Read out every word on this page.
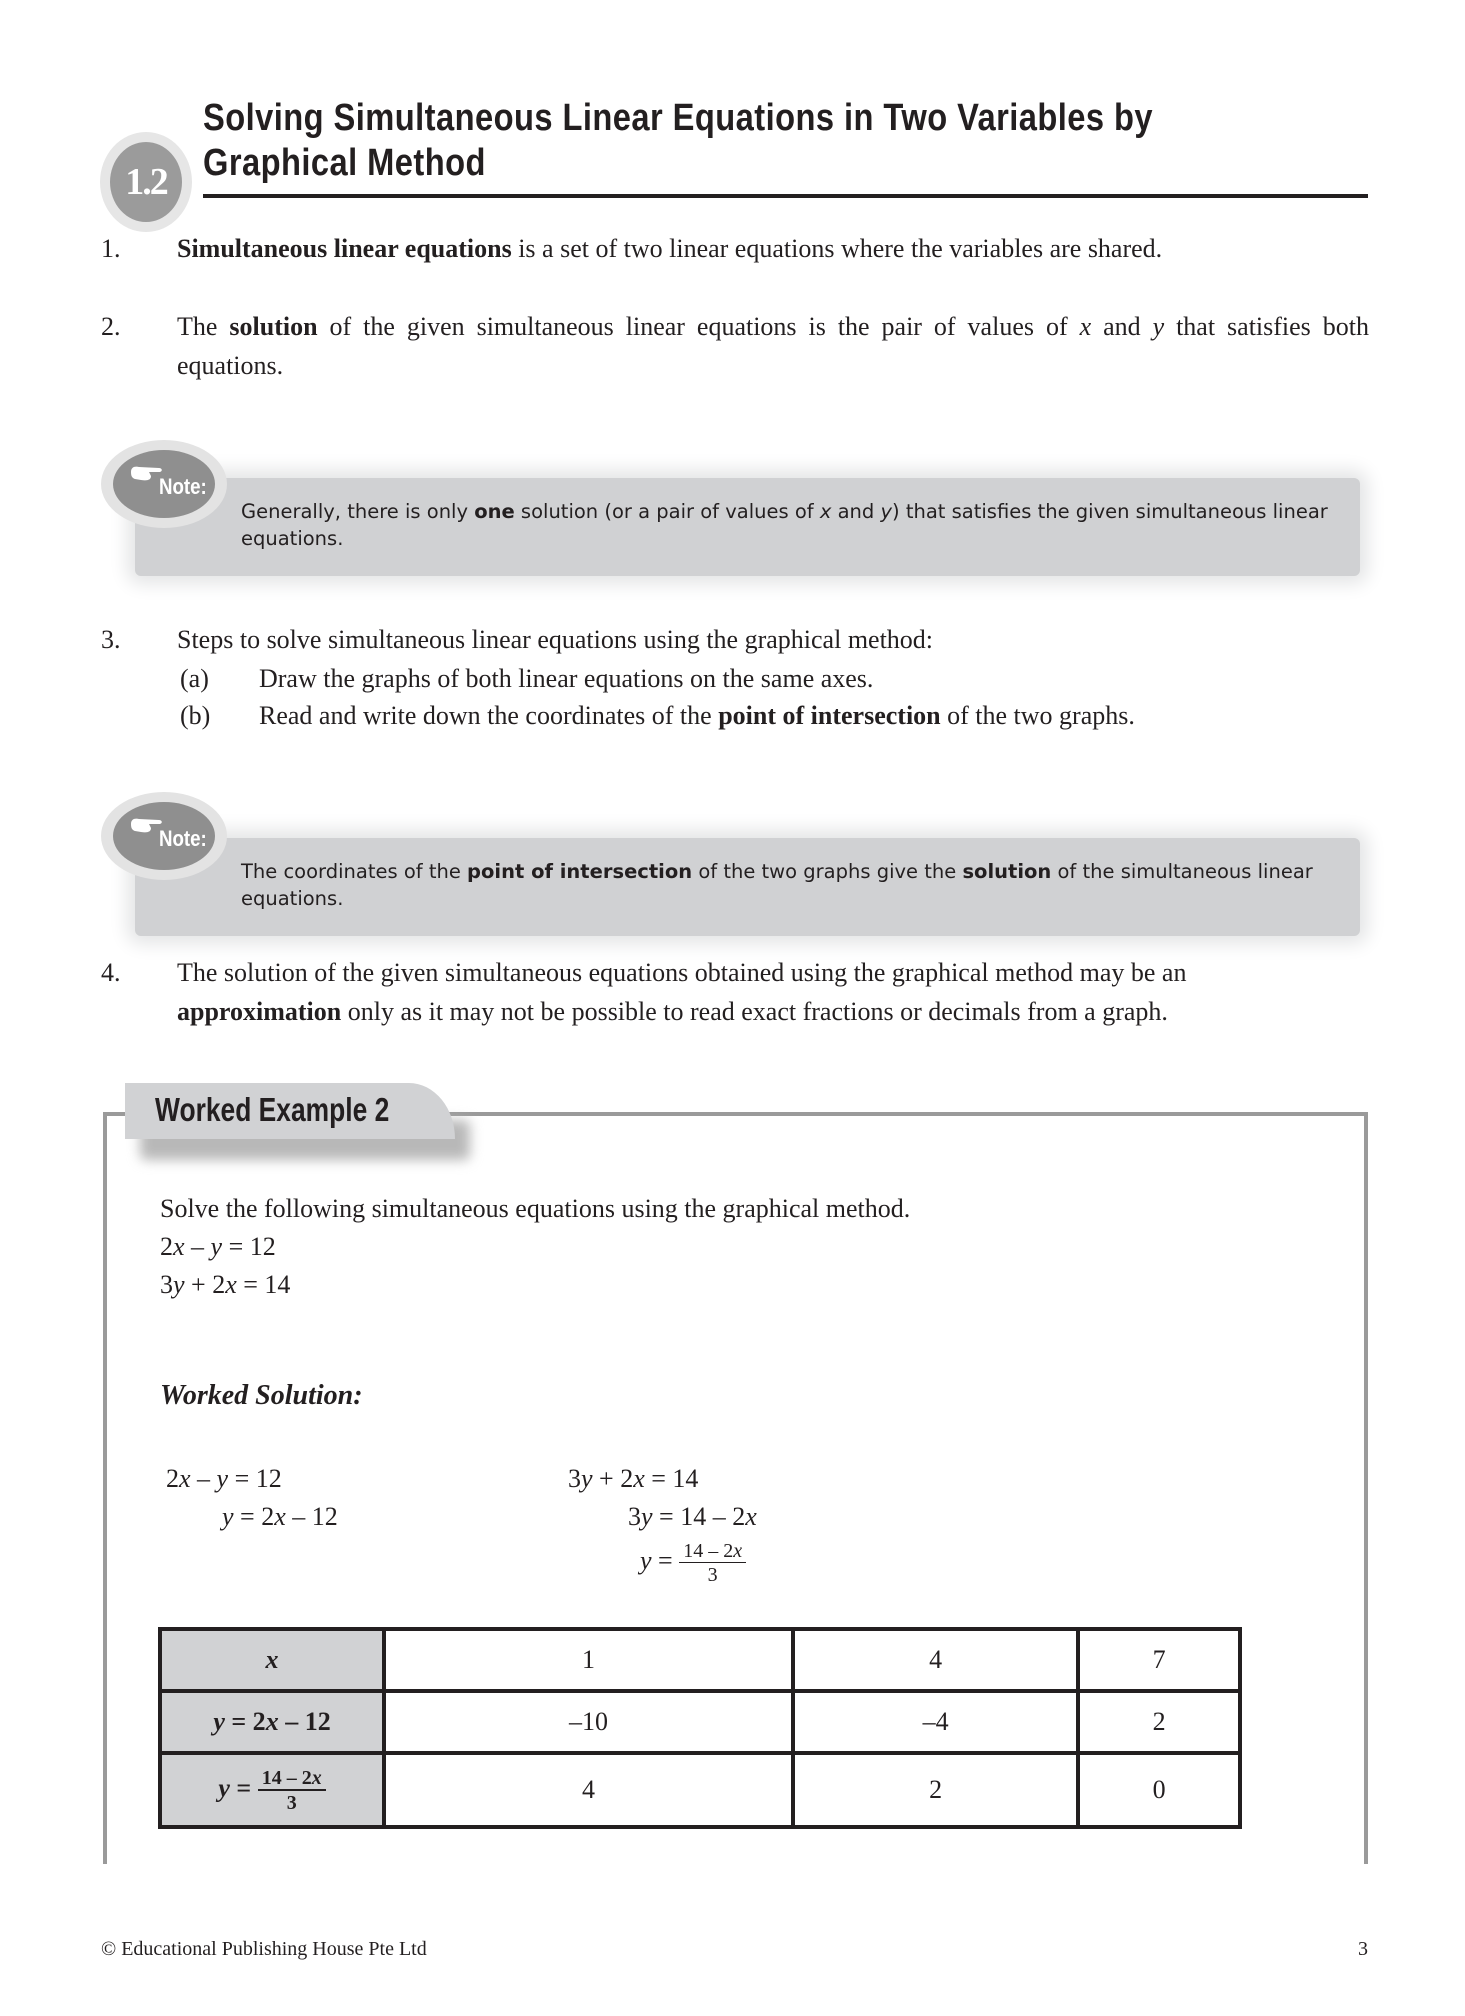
1.2
Solving Simultaneous Linear Equations in Two Variables by
Graphical Method
1. Simultaneous linear equations is a set of two linear equations where the variables are shared.
2. The solution of the given simultaneous linear equations is the pair of values of x and y that satisfies both equations.
Generally, there is only one solution (or a pair of values of x and y) that satisfies the given simultaneous linear equations.
Note:
3. Steps to solve simultaneous linear equations using the graphical method:
(a) Draw the graphs of both linear equations on the same axes.
(b) Read and write down the coordinates of the point of intersection of the two graphs.
The coordinates of the point of intersection of the two graphs give the solution of the simultaneous linear equations.
Note:
4. The solution of the given simultaneous equations obtained using the graphical method may be an
approximation only as it may not be possible to read exact fractions or decimals from a graph.
Worked Example 2
Solve the following simultaneous equations using the graphical method.
2x – y = 12
3y + 2x = 14
Worked Solution:
2x – y = 12
y = 2x – 12
3y + 2x = 14
3y = 14 – 2x
$y = \frac{14 - 2x}{3}$
x	1	4	7
y = 2x – 12	–10	–4	2
$y = \frac{14 - 2x}{3}$	4	2	0
© Educational Publishing House Pte Ltd	3
